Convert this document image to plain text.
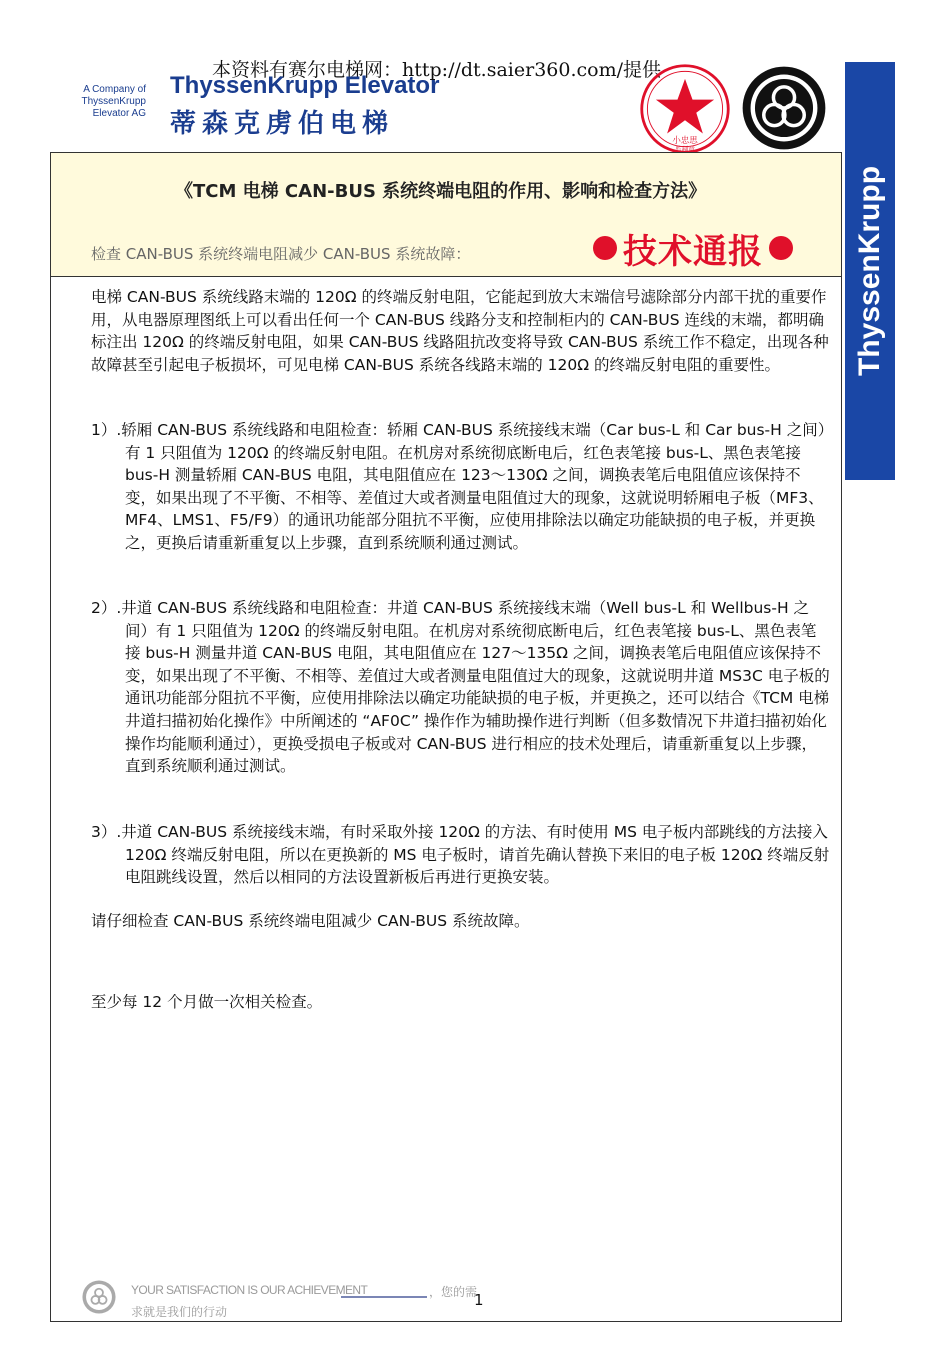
本资料有赛尔电梯网：http://dt.saier360.com/提供
A Company of
ThyssenKrupp
Elevator AG
ThyssenKrupp Elevator
蒂森克虏伯电梯
小忠思
监制章
ThyssenKrupp
《TCM 电梯 CAN-BUS 系统终端电阻的作用、影响和检查方法》
检查 CAN-BUS 系统终端电阻减少 CAN-BUS 系统故障：	技术通报
电梯 CAN-BUS 系统线路末端的 120Ω 的终端反射电阻，它能起到放大末端信号滤除部分内部干扰的重要作用，从电器原理图纸上可以看出任何一个 CAN-BUS 线路分支和控制柜内的 CAN-BUS 连线的末端，都明确标注出 120Ω 的终端反射电阻，如果 CAN-BUS 线路阻抗改变将导致 CAN-BUS 系统工作不稳定，出现各种故障甚至引起电子板损坏，可见电梯 CAN-BUS 系统各线路末端的 120Ω 的终端反射电阻的重要性。
1）.轿厢 CAN-BUS 系统线路和电阻检查：轿厢 CAN-BUS 系统接线末端（Car bus-L 和 Car bus-H 之间）有 1 只阻值为 120Ω 的终端反射电阻。在机房对系统彻底断电后，红色表笔接 bus-L、黑色表笔接 bus-H 测量轿厢 CAN-BUS 电阻，其电阻值应在 123～130Ω 之间，调换表笔后电阻值应该保持不变，如果出现了不平衡、不相等、差值过大或者测量电阻值过大的现象，这就说明轿厢电子板（MF3、MF4、LMS1、F5/F9）的通讯功能部分阻抗不平衡，应使用排除法以确定功能缺损的电子板，并更换之，更换后请重新重复以上步骤，直到系统顺利通过测试。
2）.井道 CAN-BUS 系统线路和电阻检查：井道 CAN-BUS 系统接线末端（Well bus-L 和 Wellbus-H 之间）有 1 只阻值为 120Ω 的终端反射电阻。在机房对系统彻底断电后，红色表笔接 bus-L、黑色表笔接 bus-H 测量井道 CAN-BUS 电阻，其电阻值应在 127～135Ω 之间，调换表笔后电阻值应该保持不变，如果出现了不平衡、不相等、差值过大或者测量电阻值过大的现象，这就说明井道 MS3C 电子板的通讯功能部分阻抗不平衡，应使用排除法以确定功能缺损的电子板，并更换之，还可以结合《TCM 电梯井道扫描初始化操作》中所阐述的 “AF0C” 操作作为辅助操作进行判断（但多数情况下井道扫描初始化操作均能顺利通过），更换受损电子板或对 CAN-BUS 进行相应的技术处理后，请重新重复以上步骤，直到系统顺利通过测试。
3）.井道 CAN-BUS 系统接线末端，有时采取外接 120Ω 的方法、有时使用 MS 电子板内部跳线的方法接入 120Ω 终端反射电阻，所以在更换新的 MS 电子板时，请首先确认替换下来旧的电子板 120Ω 终端反射电阻跳线设置，然后以相同的方法设置新板后再进行更换安装。
请仔细检查 CAN-BUS 系统终端电阻减少 CAN-BUS 系统故障。
至少每 12 个月做一次相关检查。
YOUR SATISFACTION IS OUR ACHIEVEMENT	，您的需
求就是我们的行动
1
